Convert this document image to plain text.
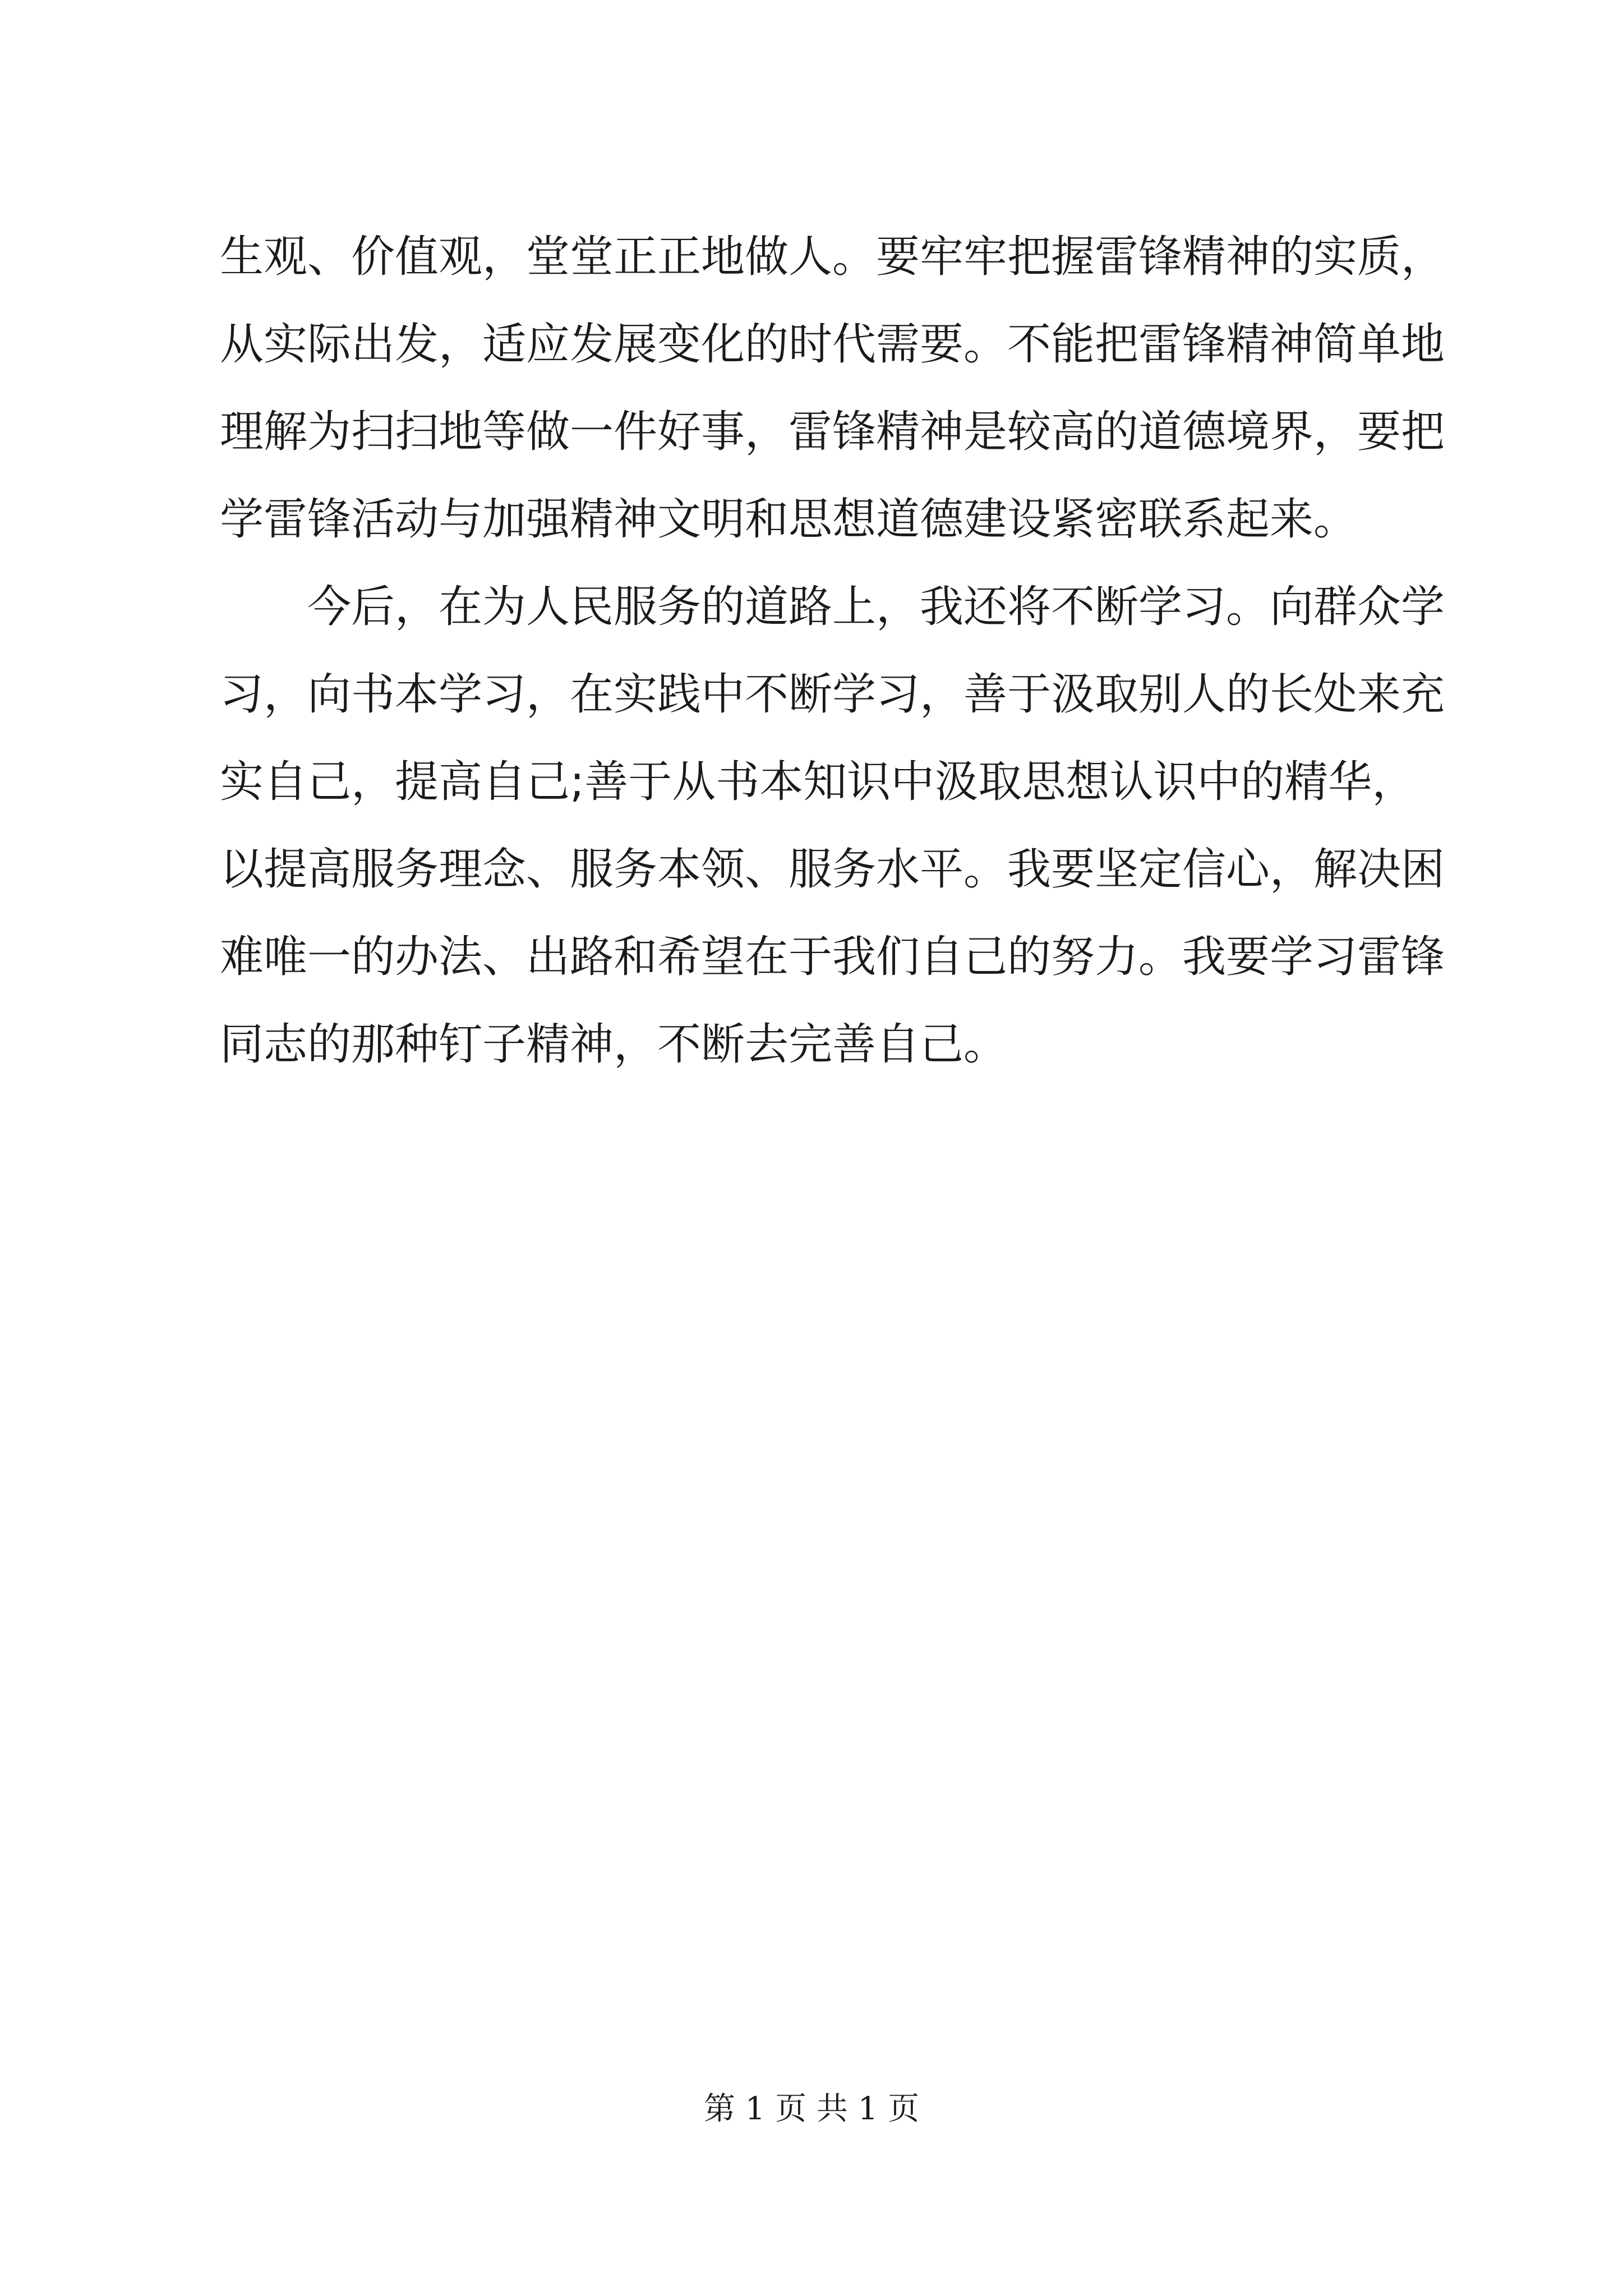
生观、价值观，堂堂正正地做人。要牢牢把握雷锋精神的实质，
从实际出发，适应发展变化的时代需要。不能把雷锋精神简单地
理解为扫扫地等做一件好事，雷锋精神是较高的道德境界，要把
学雷锋活动与加强精神文明和思想道德建设紧密联系起来。
今后，在为人民服务的道路上，我还将不断学习。向群众学
习，向书本学习，在实践中不断学习，善于汲取别人的长处来充
实自己，提高自己;善于从书本知识中汲取思想认识中的精华，
以提高服务理念、服务本领、服务水平。我要坚定信心，解决困
难唯一的办法、出路和希望在于我们自己的努力。我要学习雷锋
同志的那种钉子精神，不断去完善自己。
第 1 页 共 1 页
